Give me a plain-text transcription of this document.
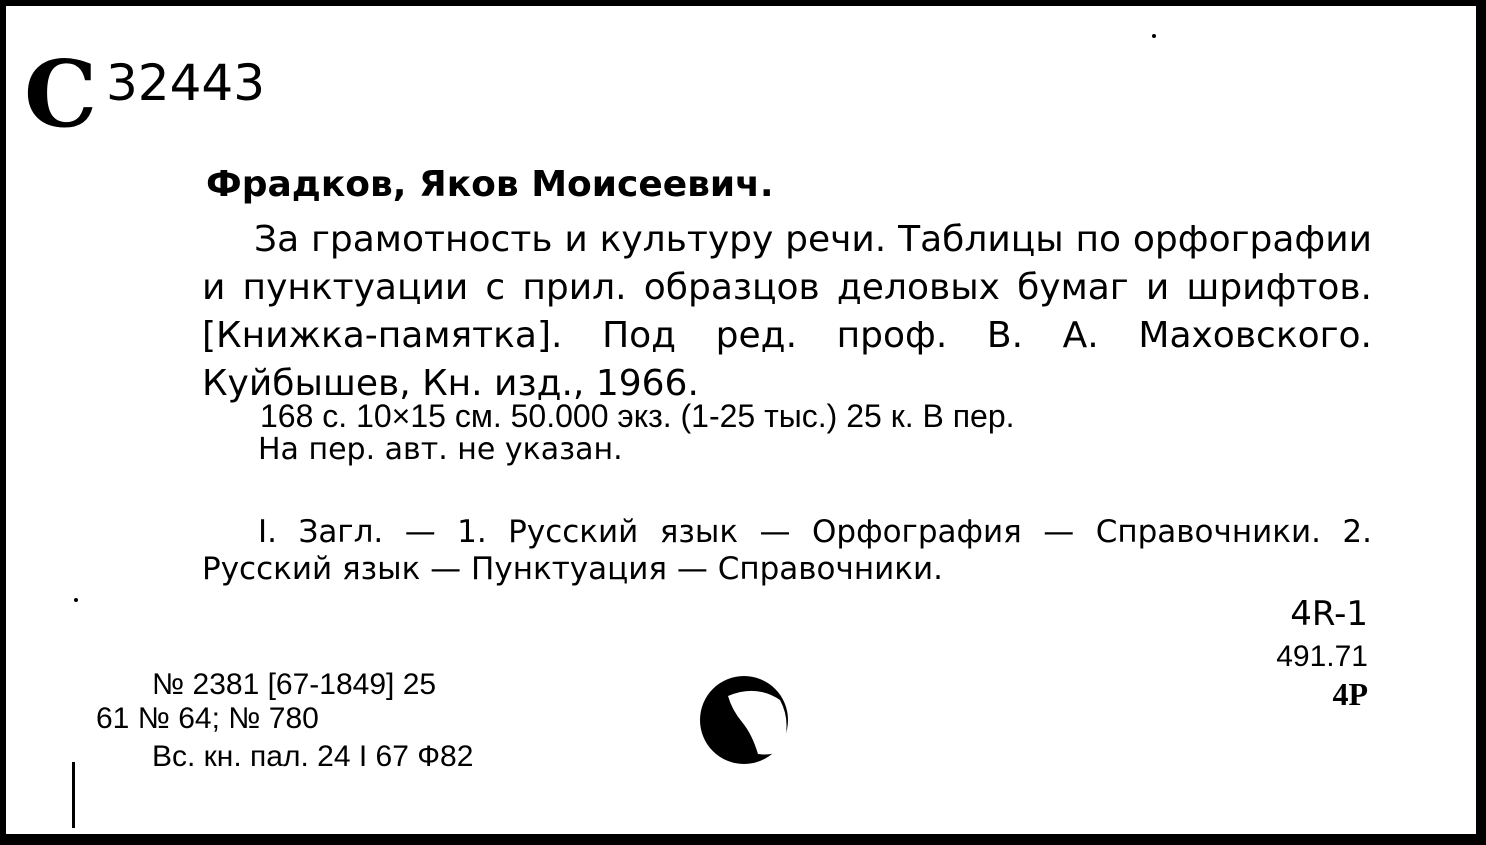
С 32443
Фрадков, Яков Моисеевич.
За грамотность и культуру речи. Таблицы по орфографии и пунктуации с прил. образцов деловых бумаг и шрифтов. [Книжка-памятка]. Под ред. проф. В. А. Маховского. Куйбышев, Кн. изд., 1966.
168 с. 10×15 см. 50.000 экз. (1-25 тыс.) 25 к. В пер.
На пер. авт. не указан.
I. Загл. — 1. Русский язык — Орфография — Справочники. 2. Русский язык — Пунктуация — Справочники.
4R-1
491.71
4Р
№ 2381 [67-1849] 25
61 № 64; № 780
Вс. кн. пал. 24 I 67 Ф82
